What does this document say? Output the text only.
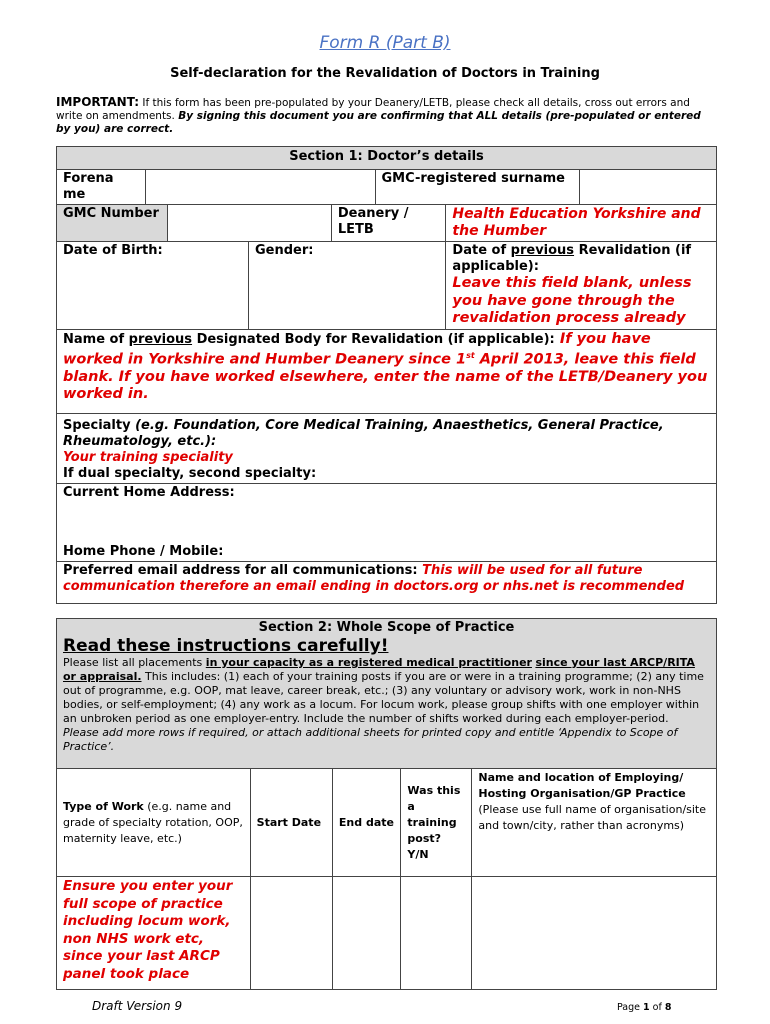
Form R (Part B)
Self-declaration for the Revalidation of Doctors in Training
IMPORTANT: If this form has been pre-populated by your Deanery/LETB, please check all details, cross out errors and write on amendments. By signing this document you are confirming that ALL details (pre-populated or entered by you) are correct.
Section 1: Doctor’s details							
Forena me					GMC-registered surname		
GMC Number				Deanery / LETB		Health Education Yorkshire and the Humber	
Date of Birth:			Gender:			Date of previous Revalidation (if applicable):
Leave this field blank, unless you have gone through the revalidation process already	

Name of previous Designated Body for Revalidation (if applicable): If you have worked in Yorkshire and Humber Deanery since 1st April 2013, leave this field blank. If you have worked elsewhere, enter the name of the LETB/Deanery you worked in.							
Specialty (e.g. Foundation, Core Medical Training, Anaesthetics, General Practice, Rheumatology, etc.):
Your training speciality
If dual specialty, second specialty:							

Current Home Address:
Home Phone / Mobile:							

Preferred email address for all communications: This will be used for all future communication therefore an email ending in doctors.org or nhs.net is recommended							
Section 2: Whole Scope of Practice
Read these instructions carefully!
Please list all placements in your capacity as a registered medical practitioner since your last ARCP/RITA or appraisal. This includes: (1) each of your training posts if you are or were in a training programme; (2) any time out of programme, e.g. OOP, mat leave, career break, etc.; (3) any voluntary or advisory work, work in non-NHS bodies, or self-employment; (4) any work as a locum. For locum work, please group shifts with one employer within an unbroken period as one employer-entry. Include the number of shifts worked during each employer-period.
Please add more rows if required, or attach additional sheets for printed copy and entitle ‘Appendix to Scope of Practice’.				

Type of Work (e.g. name and grade of specialty rotation, OOP, maternity leave, etc.)	Start Date	End date	Was this a training post? Y/N	Name and location of Employing/ Hosting Organisation/GP Practice
(Please use full name of organisation/site and town/city, rather than acronyms)

Ensure you enter your full scope of practice including locum work, non NHS work etc, since your last ARCP panel took place				
Draft Version 9	Page 1 of 8
